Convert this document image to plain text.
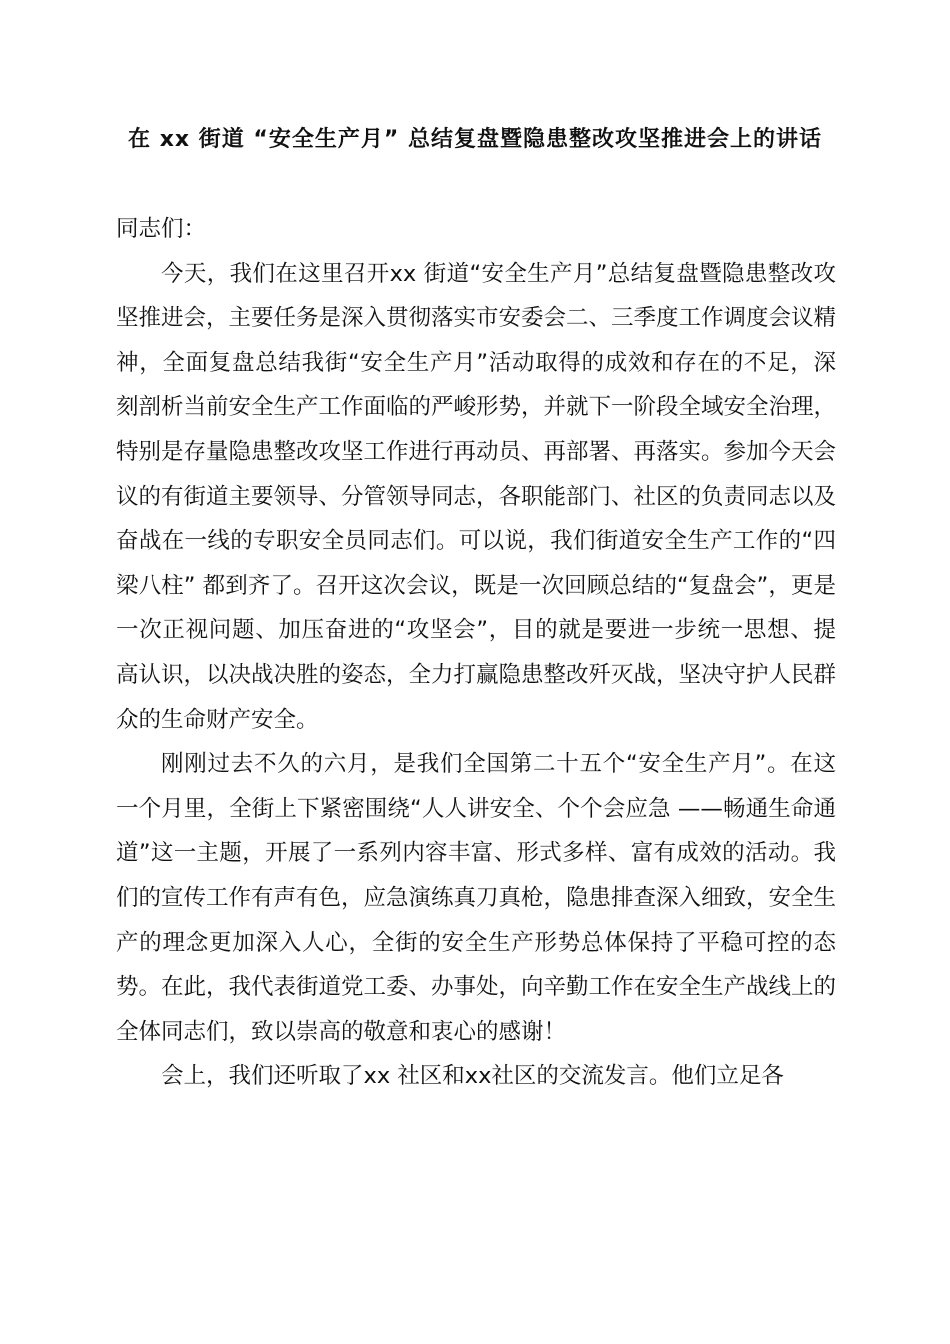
在 xx 街道 “安全生产月” 总结复盘暨隐患整改攻坚推进会上的讲话

同志们：

今天，我们在这里召开xx 街道“安全生产月”总结复盘暨隐患整改攻坚推进会，主要任务是深入贯彻落实市安委会二、三季度工作调度会议精神，全面复盘总结我街“安全生产月”活动取得的成效和存在的不足，深刻剖析当前安全生产工作面临的严峻形势，并就下一阶段全域安全治理，特别是存量隐患整改攻坚工作进行再动员、再部署、再落实。参加今天会议的有街道主要领导、分管领导同志，各职能部门、社区的负责同志以及奋战在一线的专职安全员同志们。可以说，我们街道安全生产工作的“四梁八柱” 都到齐了。召开这次会议，既是一次回顾总结的“复盘会”，更是一次正视问题、加压奋进的“攻坚会”，目的就是要进一步统一思想、提高认识，以决战决胜的姿态，全力打赢隐患整改歼灭战，坚决守护人民群众的生命财产安全。

刚刚过去不久的六月，是我们全国第二十五个“安全生产月”。在这一个月里，全街上下紧密围绕“人人讲安全、个个会应急 ——畅通生命通道”这一主题，开展了一系列内容丰富、形式多样、富有成效的活动。我们的宣传工作有声有色，应急演练真刀真枪，隐患排查深入细致，安全生产的理念更加深入人心，全街的安全生产形势总体保持了平稳可控的态势。在此，我代表街道党工委、办事处，向辛勤工作在安全生产战线上的全体同志们，致以崇高的敬意和衷心的感谢！

会上，我们还听取了xx 社区和xx社区的交流发言。他们立足各
